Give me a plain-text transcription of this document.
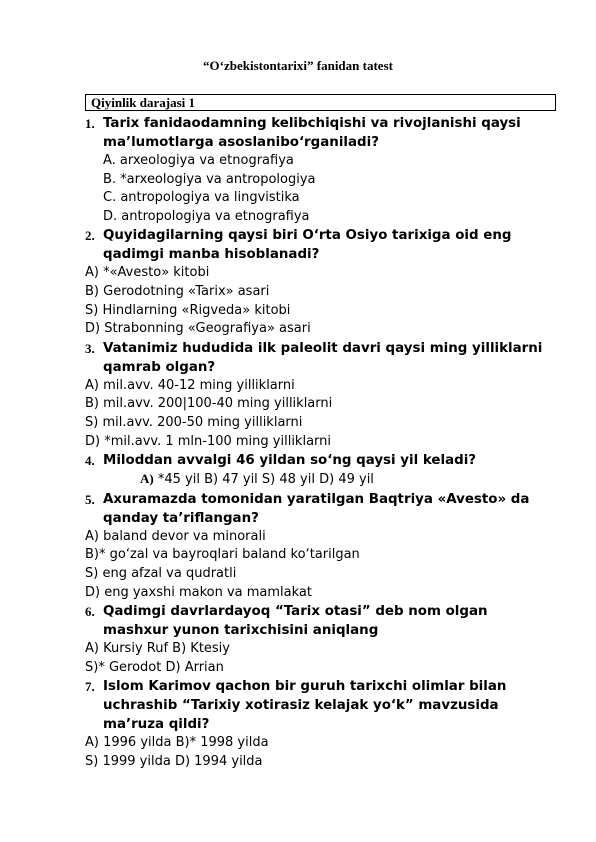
“O‘zbekistontarixi” fanidan tatest
Qiyinlik darajasi 1
1. Tarix fanidaodamning kelibchiqishi va rivojlanishi qaysi ma’lumotlarga asoslanibo‘rganiladi?
A. arxeologiya va etnografiya
B. *arxeologiya va antropologiya
C. antropologiya va lingvistika
D. antropologiya va etnografiya
2. Quyidagilarning qaysi biri O‘rta Osiyo tarixiga oid eng qadimgi manba hisoblanadi?
A) *«Avesto» kitobi
B) Gerodotning «Tarix» asari
S) Hindlarning «Rigveda» kitobi
D) Strabonning «Geografiya» asari
3. Vatanimiz hududida ilk paleolit davri qaysi ming yilliklarni qamrab olgan?
A) mil.avv. 40-12 ming yilliklarni
B) mil.avv. 200|100-40 ming yilliklarni
S) mil.avv. 200-50 ming yilliklarni
D) *mil.avv. 1 mln-100 ming yilliklarni
4. Miloddan avvalgi 46 yildan so‘ng qaysi yil keladi?
A) *45 yil B) 47 yil S) 48 yil D) 49 yil
5. Axuramazda tomonidan yaratilgan Baqtriya «Avesto» da qanday ta’riflangan?
A) baland devor va minorali
B)* go‘zal va bayroqlari baland ko‘tarilgan
S) eng afzal va qudratli
D) eng yaxshi makon va mamlakat
6. Qadimgi davrlardayoq “Tarix otasi” deb nom olgan mashxur yunon tarixchisini aniqlang
A) Kursiy Ruf B) Ktesiy
S)* Gerodot D) Arrian
7. Islom Karimov qachon bir guruh tarixchi olimlar bilan uchrashib “Tarixiy xotirasiz kelajak yo‘k” mavzusida ma’ruza qildi?
A) 1996 yilda B)* 1998 yilda
S) 1999 yilda D) 1994 yilda
